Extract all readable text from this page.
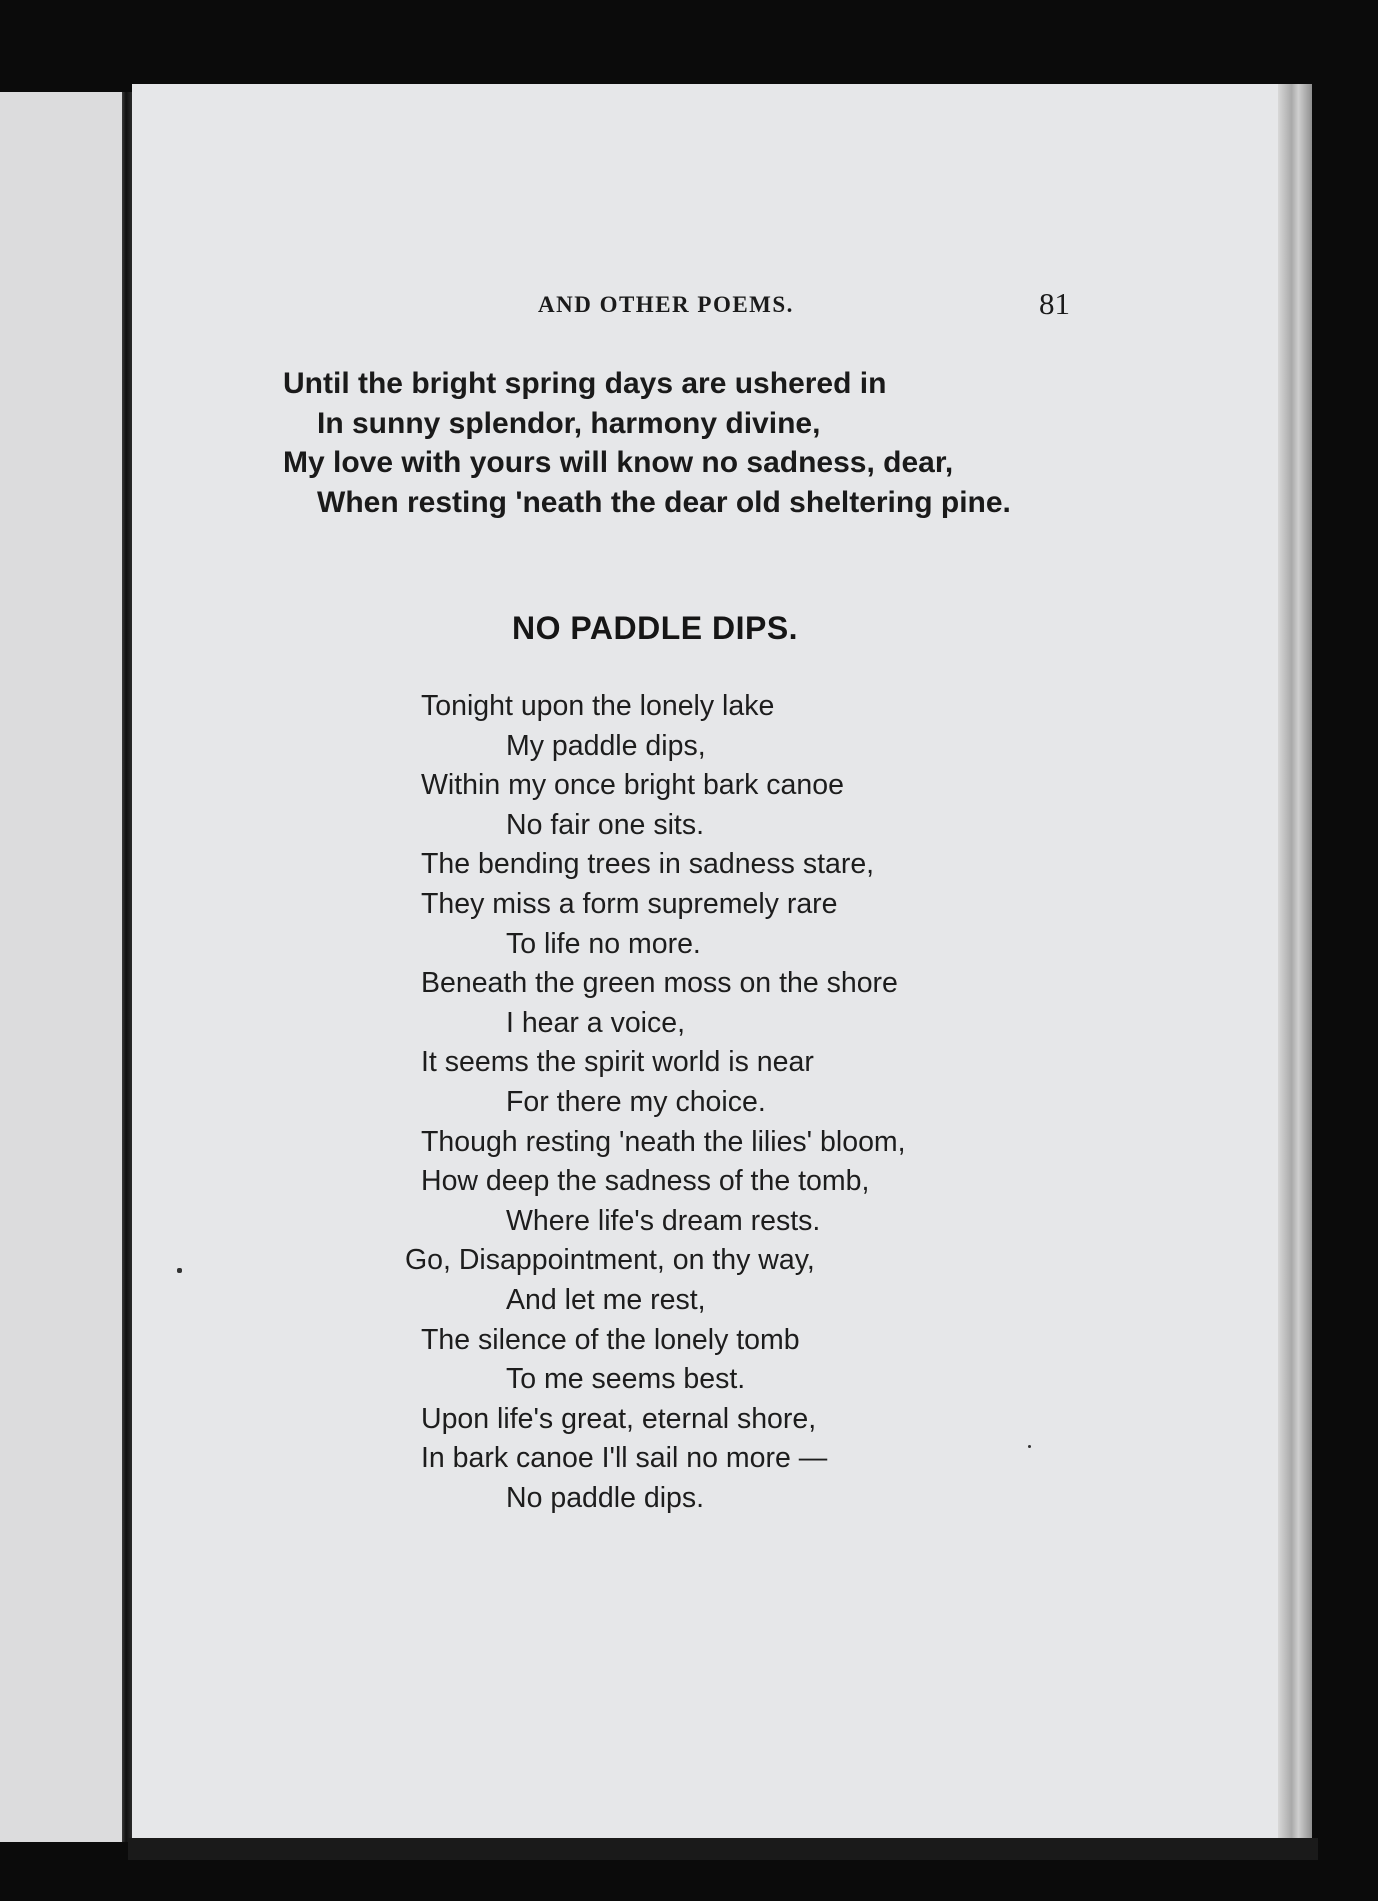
AND OTHER POEMS.	81
Until the bright spring days are ushered in
In sunny splendor, harmony divine,
My love with yours will know no sadness, dear,
When resting 'neath the dear old sheltering pine.
NO PADDLE DIPS.
Tonight upon the lonely lake
My paddle dips,
Within my once bright bark canoe
No fair one sits.
The bending trees in sadness stare,
They miss a form supremely rare
To life no more.
Beneath the green moss on the shore
I hear a voice,
It seems the spirit world is near
For there my choice.
Though resting 'neath the lilies' bloom,
How deep the sadness of the tomb,
Where life's dream rests.
Go, Disappointment, on thy way,
And let me rest,
The silence of the lonely tomb
To me seems best.
Upon life's great, eternal shore,
In bark canoe I'll sail no more —
No paddle dips.
